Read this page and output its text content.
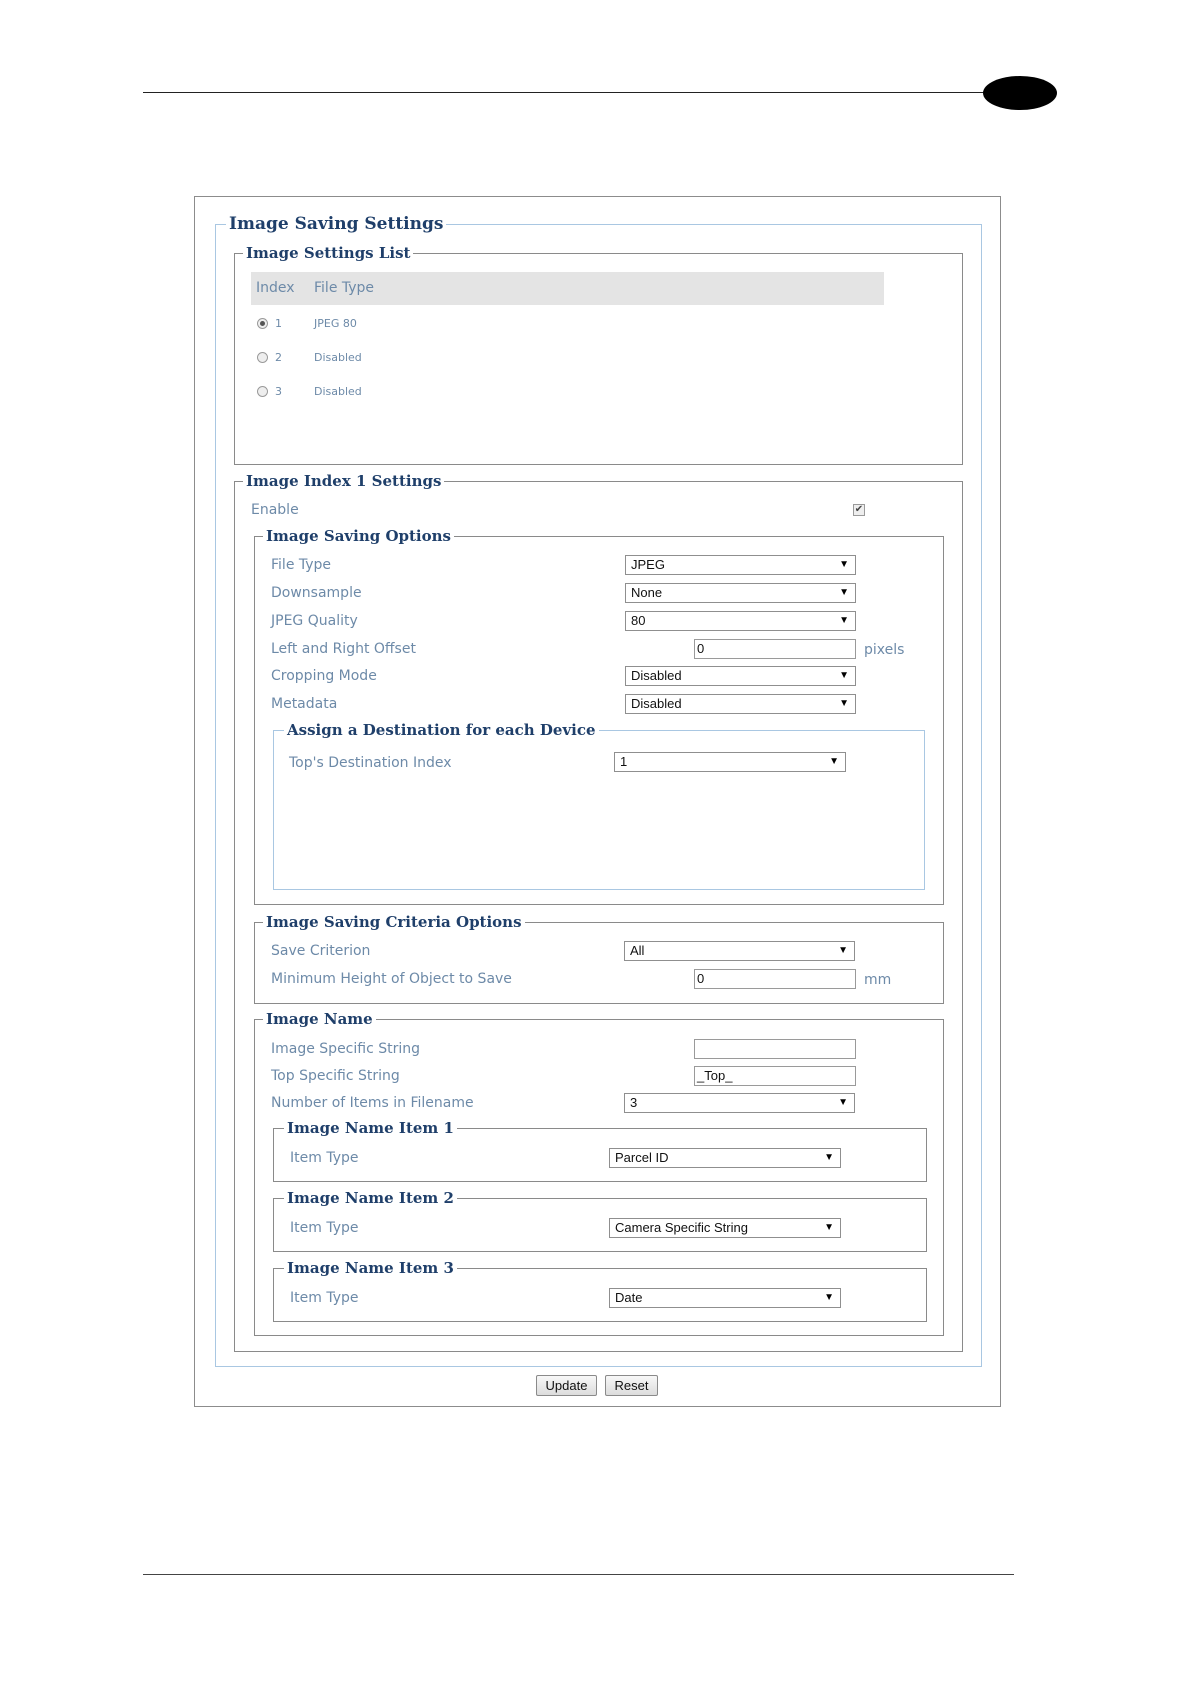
Image Saving Settings
Image Settings List
Index File Type
1	JPEG 80
2	Disabled
3	Disabled
Image Index 1 Settings
Enable	✔
Image Saving Options
File Type	JPEG	▼
Downsample	None	▼
JPEG Quality	80	▼
Left and Right Offset	0	pixels
Cropping Mode	Disabled	▼
Metadata	Disabled	▼
Assign a Destination for each Device
Top's Destination Index	1	▼
Image Saving Criteria Options
Save Criterion	All	▼
Minimum Height of Object to Save	0	mm
Image Name
Image Specific String
Top Specific String	_Top_
Number of Items in Filename	3	▼
Image Name Item 1
Item Type	Parcel ID	▼
Image Name Item 2
Item Type	Camera Specific String	▼
Image Name Item 3
Item Type	Date	▼
Update	Reset
